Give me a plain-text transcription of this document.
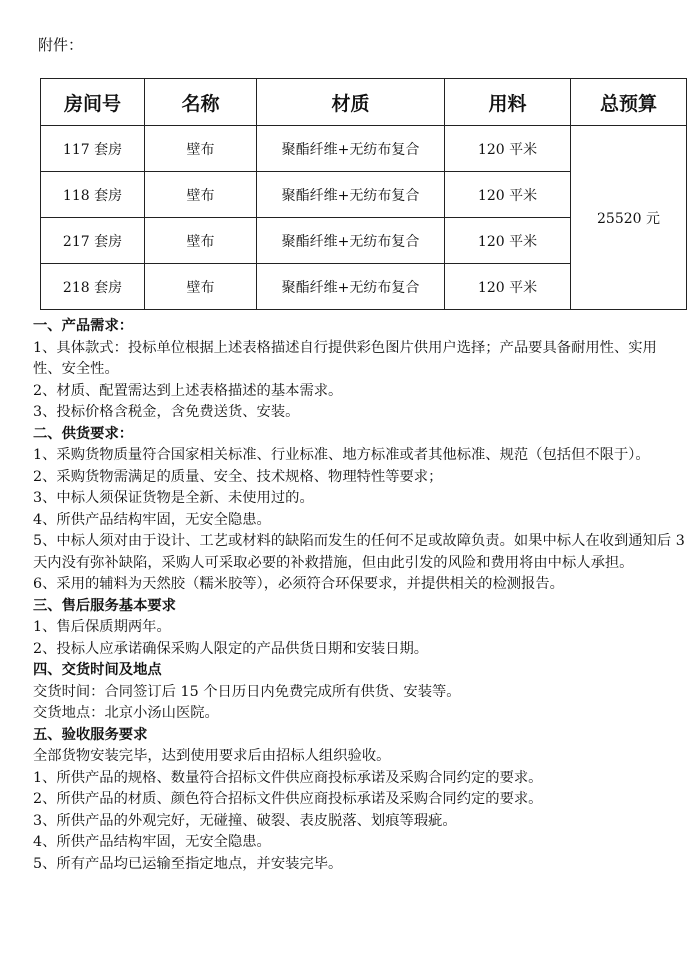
附件：
房间号	名称	材质	用料	总预算
117 套房	壁布	聚酯纤维+无纺布复合	120 平米	25520 元
118 套房	壁布	聚酯纤维+无纺布复合	120 平米	
217 套房	壁布	聚酯纤维+无纺布复合	120 平米	
218 套房	壁布	聚酯纤维+无纺布复合	120 平米	

一、产品需求：

1、具体款式：投标单位根据上述表格描述自行提供彩色图片供用户选择；产品要具备耐用性、实用性、安全性。

2、材质、配置需达到上述表格描述的基本需求。

3、投标价格含税金，含免费送货、安装。

二、供货要求：

1、采购货物质量符合国家相关标准、行业标准、地方标准或者其他标准、规范（包括但不限于）。

2、采购货物需满足的质量、安全、技术规格、物理特性等要求；

3、中标人须保证货物是全新、未使用过的。

4、所供产品结构牢固，无安全隐患。

5、中标人须对由于设计、工艺或材料的缺陷而发生的任何不足或故障负责。如果中标人在收到通知后 3 天内没有弥补缺陷，采购人可采取必要的补救措施，但由此引发的风险和费用将由中标人承担。

6、采用的辅料为天然胶（糯米胶等），必须符合环保要求，并提供相关的检测报告。

三、售后服务基本要求

1、售后保质期两年。

2、投标人应承诺确保采购人限定的产品供货日期和安装日期。

四、交货时间及地点

交货时间：合同签订后 15 个日历日内免费完成所有供货、安装等。

交货地点：北京小汤山医院。

五、验收服务要求

全部货物安装完毕，达到使用要求后由招标人组织验收。

1、所供产品的规格、数量符合招标文件供应商投标承诺及采购合同约定的要求。

2、所供产品的材质、颜色符合招标文件供应商投标承诺及采购合同约定的要求。

3、所供产品的外观完好，无碰撞、破裂、表皮脱落、划痕等瑕疵。

4、所供产品结构牢固，无安全隐患。

5、所有产品均已运输至指定地点，并安装完毕。
